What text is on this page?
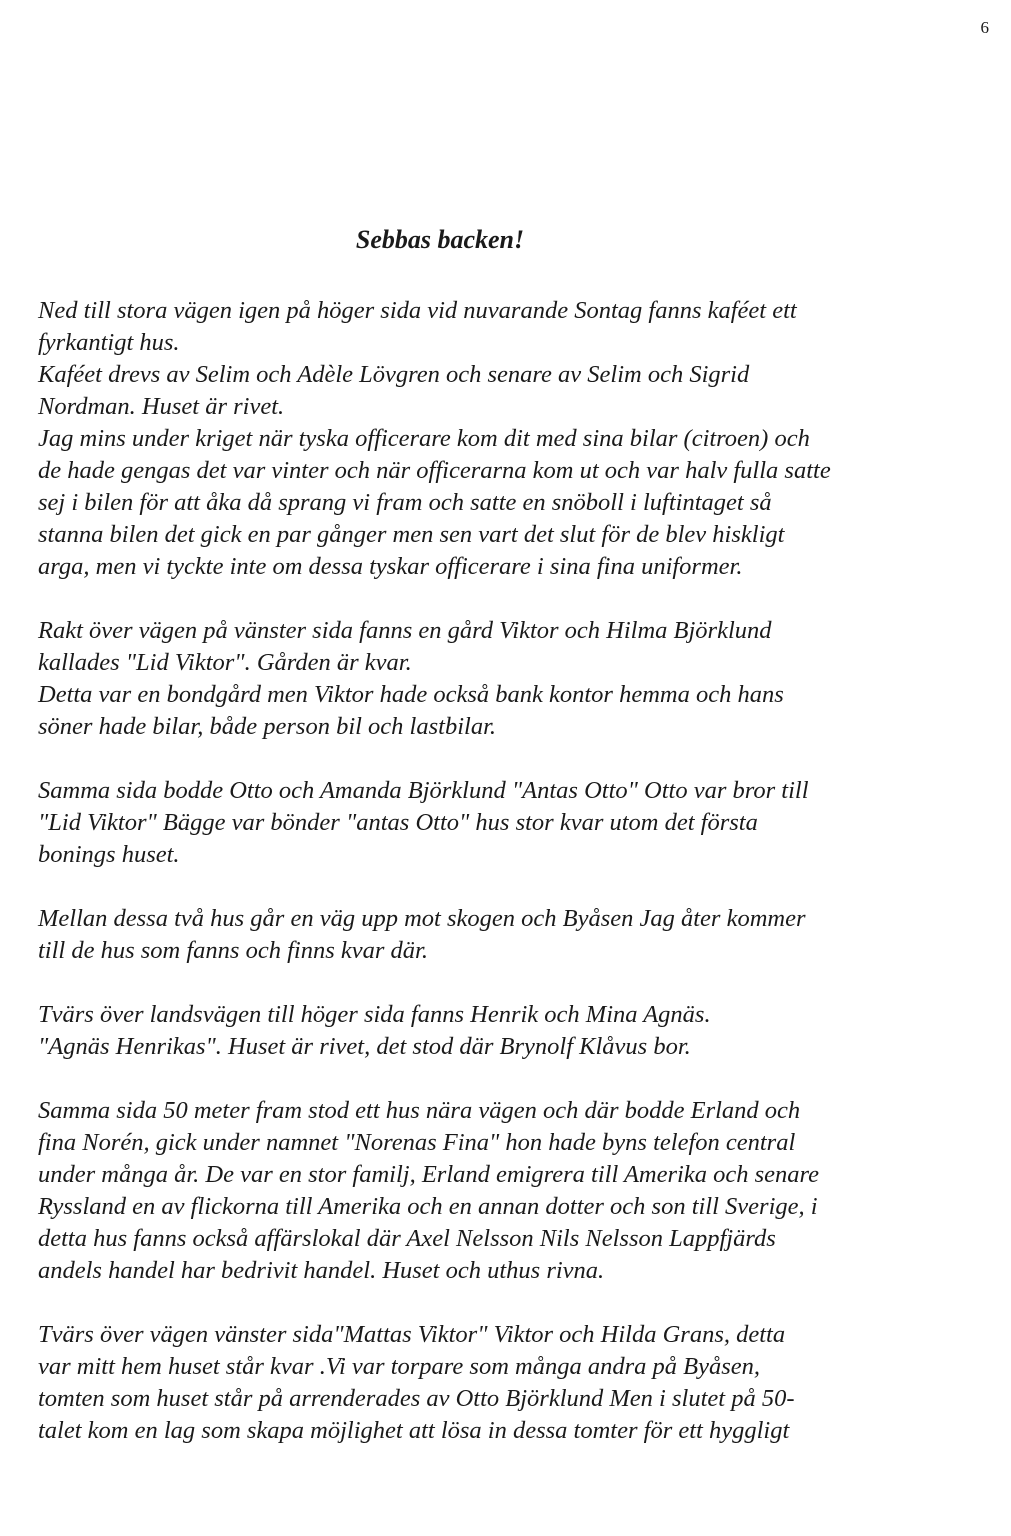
6
Sebbas backen!
Ned till stora vägen igen på höger sida vid nuvarande Sontag fanns kaféet ett
fyrkantigt hus.
Kaféet drevs av Selim och Adèle Lövgren och senare av Selim och Sigrid
Nordman. Huset är rivet.
Jag mins under kriget när tyska officerare kom dit med sina bilar (citroen) och
de hade gengas det var vinter och när officerarna kom ut och var halv fulla satte
sej i bilen för att åka då sprang vi fram och satte en snöboll i luftintaget så
stanna bilen det gick en par gånger men sen vart det slut för de blev hiskligt
arga, men vi tyckte inte om dessa tyskar officerare i sina fina uniformer.
Rakt över vägen på vänster sida fanns en gård Viktor och Hilma Björklund
kallades "Lid Viktor". Gården är kvar.
Detta var en bondgård men Viktor hade också bank kontor hemma och hans
söner hade bilar, både person bil och lastbilar.
Samma sida bodde Otto och Amanda Björklund "Antas Otto" Otto var bror till
"Lid Viktor" Bägge var bönder "antas Otto" hus stor kvar utom det första
bonings huset.
Mellan dessa två hus går en väg upp mot skogen och Byåsen Jag åter kommer
till de hus som fanns och finns kvar där.
Tvärs över landsvägen till höger sida fanns Henrik och Mina Agnäs.
"Agnäs Henrikas". Huset är rivet, det stod där Brynolf Klåvus bor.
Samma sida 50 meter fram stod ett hus nära vägen och där bodde Erland och
fina Norén, gick under namnet "Norenas Fina" hon hade byns telefon central
under många år. De var en stor familj, Erland emigrera till Amerika och senare
Ryssland en av flickorna till Amerika och en annan dotter och son till Sverige, i
detta hus fanns också affärslokal där Axel Nelsson Nils Nelsson Lappfjärds
andels handel har bedrivit handel. Huset och uthus rivna.
Tvärs över vägen vänster sida"Mattas Viktor" Viktor och Hilda Grans, detta
var mitt hem huset står kvar .Vi var torpare som många andra på Byåsen,
tomten som huset står på arrenderades av Otto Björklund Men i slutet på 50-
talet kom en lag som skapa möjlighet att lösa in dessa tomter för ett hyggligt
